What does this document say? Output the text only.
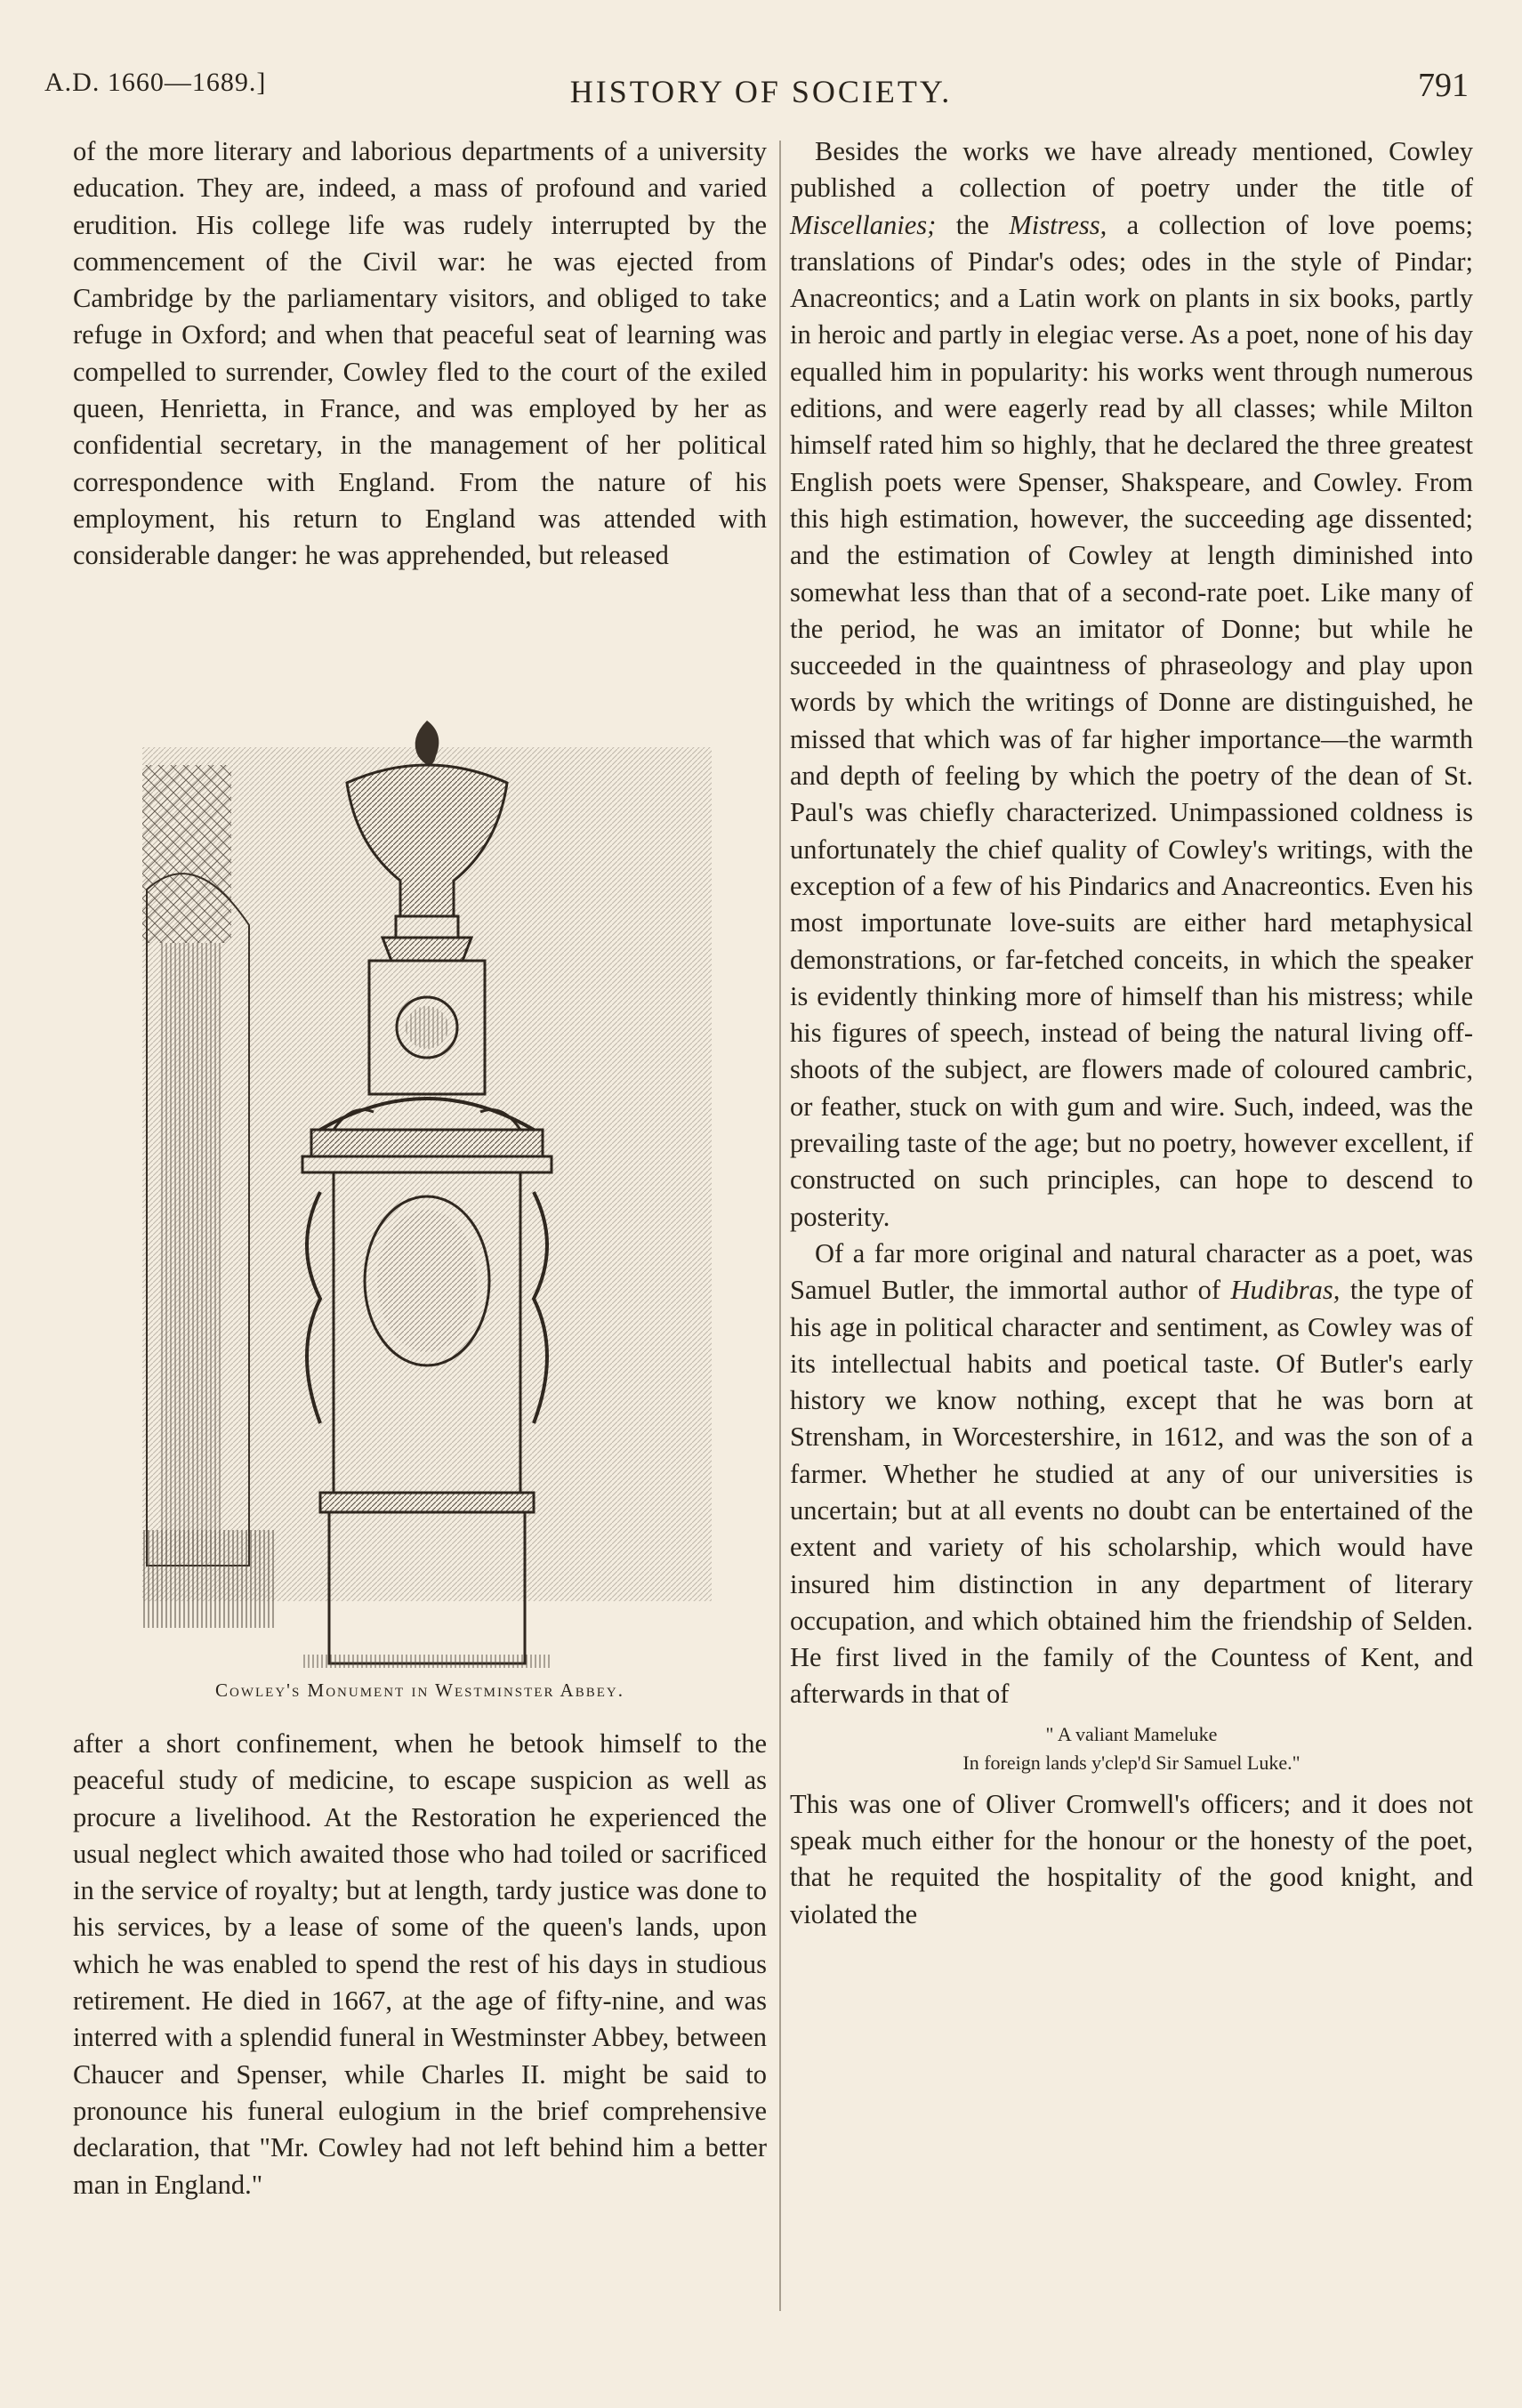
A.D. 1660—1689.]	HISTORY OF SOCIETY.	791

of the more literary and laborious departments of a university education. They are, indeed, a mass of profound and varied erudition. His college life was rudely interrupted by the commencement of the Civil war: he was ejected from Cambridge by the parliamentary visitors, and obliged to take refuge in Oxford; and when that peaceful seat of learning was compelled to surrender, Cowley fled to the court of the exiled queen, Henrietta, in France, and was employed by her as confidential secretary, in the management of her political correspondence with England. From the nature of his employment, his return to England was attended with considerable danger: he was apprehended, but released

Cowley's Monument in Westminster Abbey.

after a short confinement, when he betook himself to the peaceful study of medicine, to escape suspicion as well as procure a livelihood. At the Restoration he experienced the usual neglect which awaited those who had toiled or sacrificed in the service of royalty; but at length, tardy justice was done to his services, by a lease of some of the queen's lands, upon which he was enabled to spend the rest of his days in studious retirement. He died in 1667, at the age of fifty-nine, and was interred with a splendid funeral in Westminster Abbey, between Chaucer and Spenser, while Charles II. might be said to pronounce his funeral eulogium in the brief comprehensive declaration, that "Mr. Cowley had not left behind him a better man in England."

Besides the works we have already mentioned, Cowley published a collection of poetry under the title of Miscellanies; the Mistress, a collection of love poems; translations of Pindar's odes; odes in the style of Pindar; Anacreontics; and a Latin work on plants in six books, partly in heroic and partly in elegiac verse. As a poet, none of his day equalled him in popularity: his works went through numerous editions, and were eagerly read by all classes; while Milton himself rated him so highly, that he declared the three greatest English poets were Spenser, Shakspeare, and Cowley. From this high estimation, however, the succeeding age dissented; and the estimation of Cowley at length diminished into somewhat less than that of a second-rate poet. Like many of the period, he was an imitator of Donne; but while he succeeded in the quaintness of phraseology and play upon words by which the writings of Donne are distinguished, he missed that which was of far higher importance—the warmth and depth of feeling by which the poetry of the dean of St. Paul's was chiefly characterized. Unimpassioned coldness is unfortunately the chief quality of Cowley's writings, with the exception of a few of his Pindarics and Anacreontics. Even his most importunate love-suits are either hard metaphysical demonstrations, or far-fetched conceits, in which the speaker is evidently thinking more of himself than his mistress; while his figures of speech, instead of being the natural living off-shoots of the subject, are flowers made of coloured cambric, or feather, stuck on with gum and wire. Such, indeed, was the prevailing taste of the age; but no poetry, however excellent, if constructed on such principles, can hope to descend to posterity.

Of a far more original and natural character as a poet, was Samuel Butler, the immortal author of Hudibras, the type of his age in political character and sentiment, as Cowley was of its intellectual habits and poetical taste. Of Butler's early history we know nothing, except that he was born at Strensham, in Worcestershire, in 1612, and was the son of a farmer. Whether he studied at any of our universities is uncertain; but at all events no doubt can be entertained of the extent and variety of his scholarship, which would have insured him distinction in any department of literary occupation, and which obtained him the friendship of Selden. He first lived in the family of the Countess of Kent, and afterwards in that of

" A valiant Mameluke
In foreign lands y'clep'd Sir Samuel Luke."

This was one of Oliver Cromwell's officers; and it does not speak much either for the honour or the honesty of the poet, that he requited the hospitality of the good knight, and violated the
